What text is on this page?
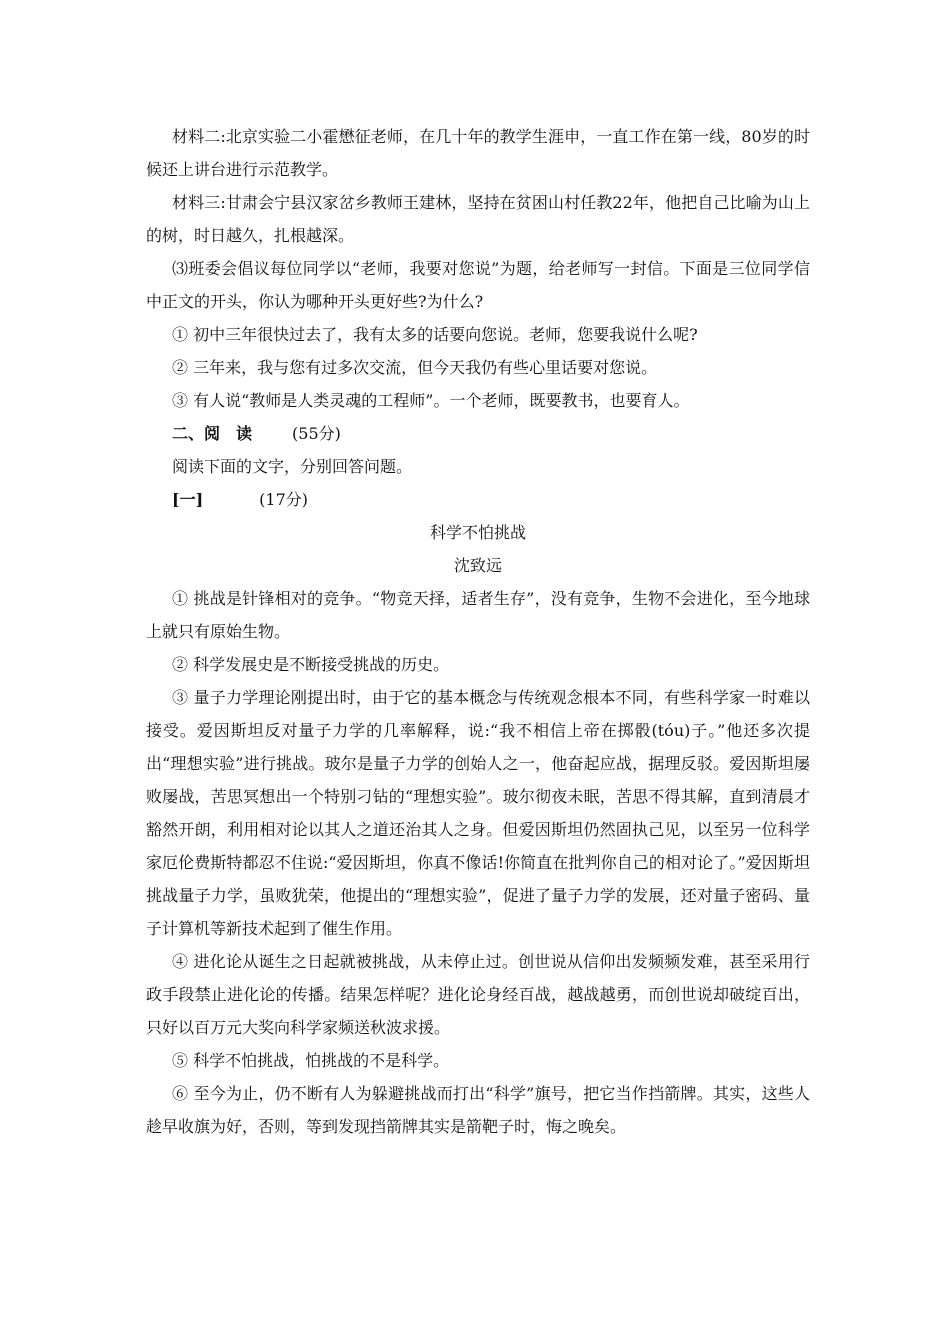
材料二:北京实验二小霍懋征老师，在几十年的教学生涯申，一直工作在第一线，80岁的时候还上讲台进行示范教学。

材料三:甘肃会宁县汉家岔乡教师王建林，坚持在贫困山村任教22年，他把自己比喻为山上的树，时日越久，扎根越深。

⑶班委会倡议每位同学以“老师，我要对您说”为题，给老师写一封信。下面是三位同学信中正文的开头，你认为哪种开头更好些?为什么?

① 初中三年很快过去了，我有太多的话要向您说。老师，您要我说什么呢?

② 三年来，我与您有过多次交流，但今天我仍有些心里话要对您说。

③ 有人说“教师是人类灵魂的工程师”。一个老师，既要教书，也要育人。

二、阅　读	(55分)

阅读下面的文字，分别回答问题。

[一]	(17分)

科学不怕挑战

沈致远

① 挑战是针锋相对的竞争。“物竞天择，适者生存”，没有竞争，生物不会进化，至今地球上就只有原始生物。

② 科学发展史是不断接受挑战的历史。

③ 量子力学理论刚提出时，由于它的基本概念与传统观念根本不同，有些科学家一时难以接受。爱因斯坦反对量子力学的几率解释，说:“我不相信上帝在掷骰(tóu)子。”他还多次提出“理想实验”进行挑战。玻尔是量子力学的创始人之一，他奋起应战，据理反驳。爱因斯坦屡败屡战，苦思冥想出一个特别刁钻的“理想实验”。玻尔彻夜未眠，苦思不得其解，直到清晨才豁然开朗，利用相对论以其人之道还治其人之身。但爱因斯坦仍然固执己见，以至另一位科学家厄伦费斯特都忍不住说:“爱因斯坦，你真不像话!你简直在批判你自己的相对论了。”爱因斯坦挑战量子力学，虽败犹荣，他提出的“理想实验”，促进了量子力学的发展，还对量子密码、量子计算机等新技术起到了催生作用。

④ 进化论从诞生之日起就被挑战，从未停止过。创世说从信仰出发频频发难，甚至采用行政手段禁止进化论的传播。结果怎样呢？进化论身经百战，越战越勇，而创世说却破绽百出，只好以百万元大奖向科学家频送秋波求援。

⑤ 科学不怕挑战，怕挑战的不是科学。

⑥ 至今为止，仍不断有人为躲避挑战而打出“科学”旗号，把它当作挡箭牌。其实，这些人趁早收旗为好，否则，等到发现挡箭牌其实是箭靶子时，悔之晚矣。
